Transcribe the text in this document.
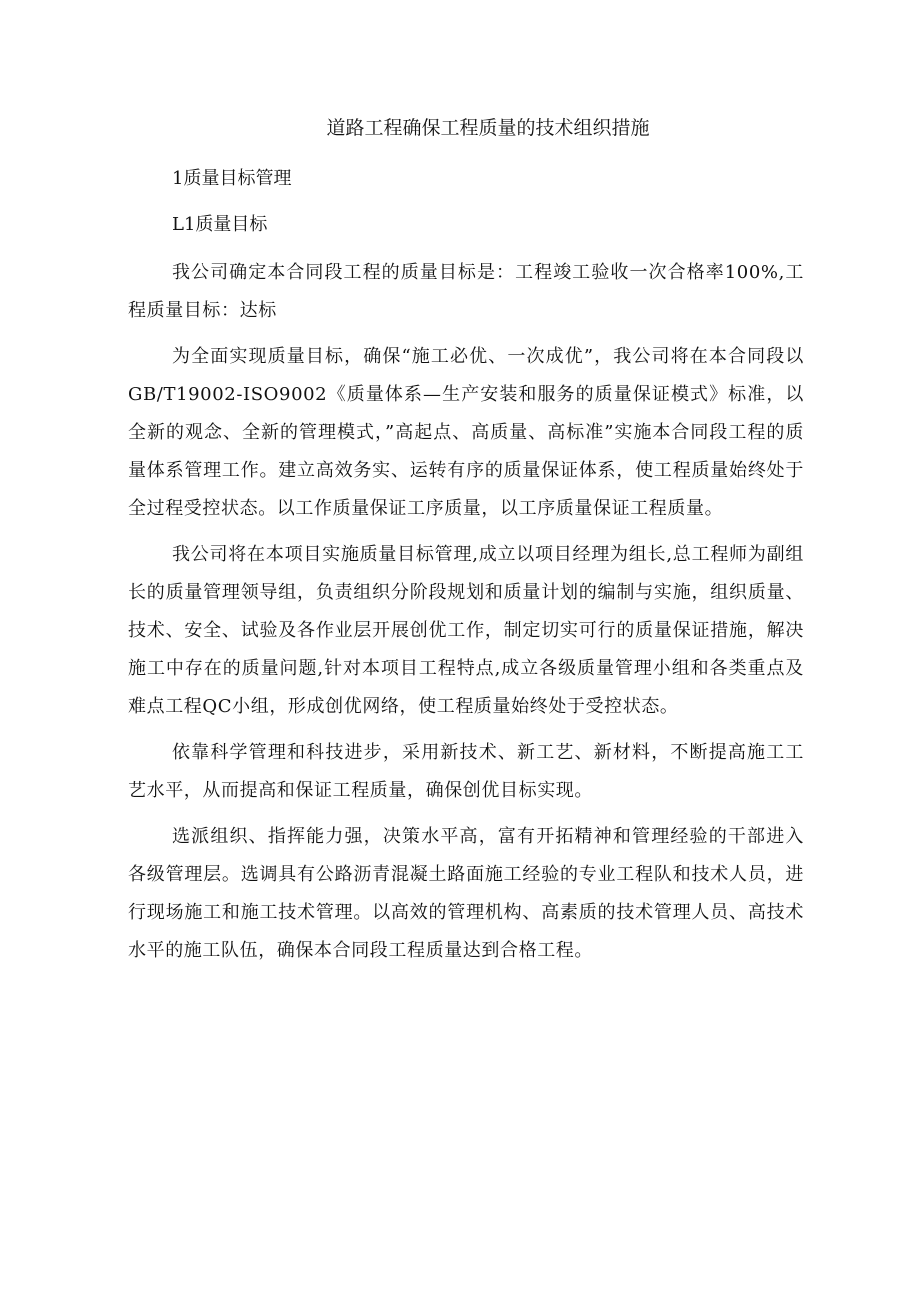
道路工程确保工程质量的技术组织措施

1质量目标管理

L1质量目标

我公司确定本合同段工程的质量目标是：工程竣工验收一次合格率100%,工程质量目标：达标

为全面实现质量目标，确保“施工必优、一次成优”，我公司将在本合同段以GB/T19002-ISO9002《质量体系—生产安装和服务的质量保证模式》标准，以全新的观念、全新的管理模式，”高起点、高质量、高标准”实施本合同段工程的质量体系管理工作。建立高效务实、运转有序的质量保证体系，使工程质量始终处于全过程受控状态。以工作质量保证工序质量，以工序质量保证工程质量。

我公司将在本项目实施质量目标管理,成立以项目经理为组长,总工程师为副组长的质量管理领导组，负责组织分阶段规划和质量计划的编制与实施，组织质量、技术、安全、试验及各作业层开展创优工作，制定切实可行的质量保证措施，解决施工中存在的质量问题,针对本项目工程特点,成立各级质量管理小组和各类重点及难点工程QC小组，形成创优网络，使工程质量始终处于受控状态。

依靠科学管理和科技进步，采用新技术、新工艺、新材料，不断提高施工工艺水平，从而提高和保证工程质量，确保创优目标实现。

选派组织、指挥能力强，决策水平高，富有开拓精神和管理经验的干部进入各级管理层。选调具有公路沥青混凝土路面施工经验的专业工程队和技术人员，进行现场施工和施工技术管理。以高效的管理机构、高素质的技术管理人员、高技术水平的施工队伍，确保本合同段工程质量达到合格工程。
